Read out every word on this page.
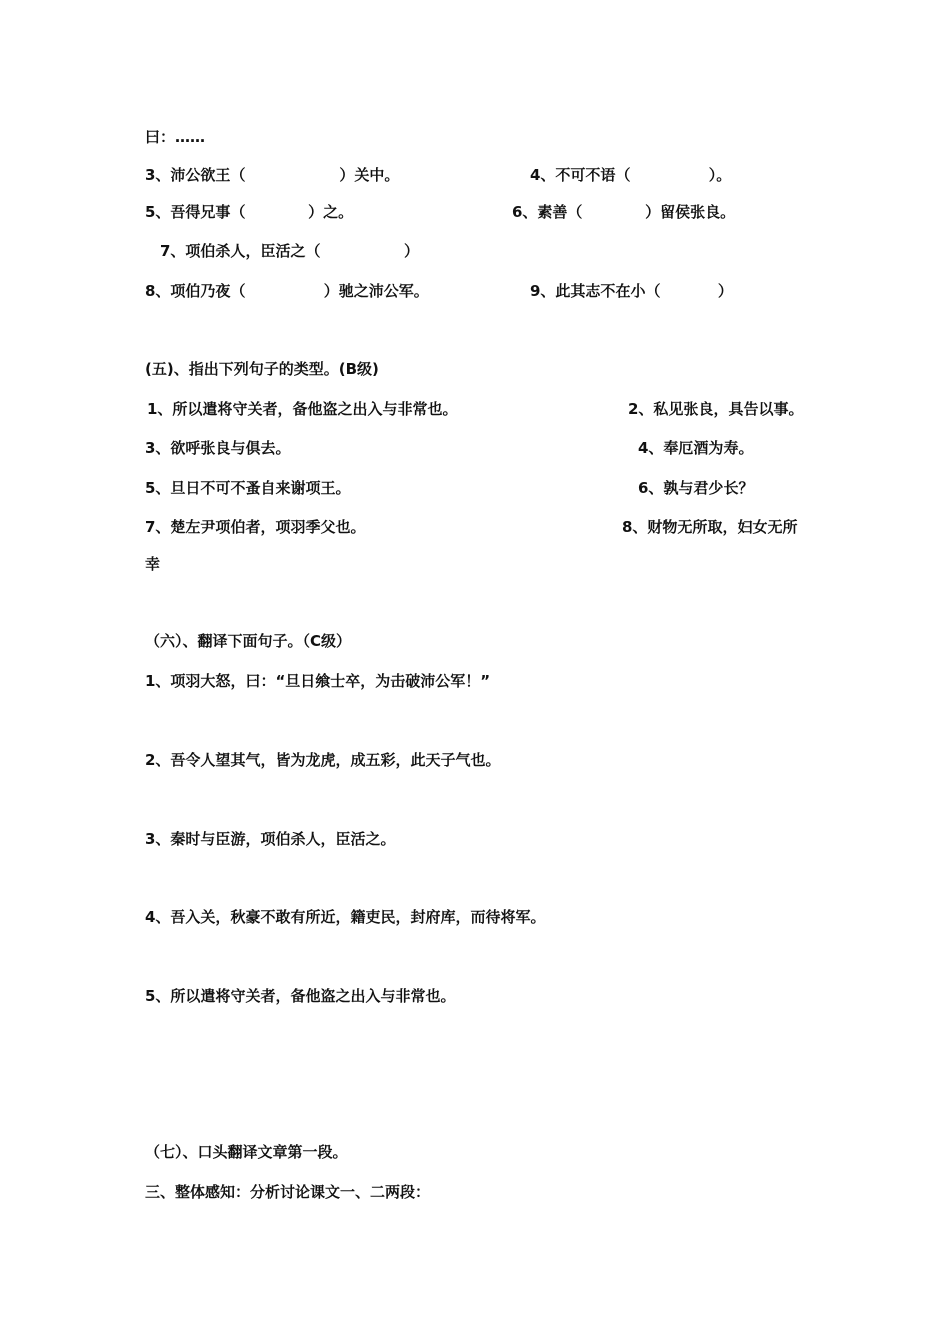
曰：……
3、沛公欲王（                  ）关中。	4、不可不语（               ）。
5、吾得兄事（            ）之。	6、素善（            ）留侯张良。
7、项伯杀人，臣活之（                ）
8、项伯乃夜（               ）驰之沛公军。	9、此其志不在小（           ）
(五)、指出下列句子的类型。(B级)
1、所以遣将守关者，备他盗之出入与非常也。	2、私见张良，具告以事。
3、欲呼张良与俱去。	4、奉厄酒为寿。
5、旦日不可不蚤自来谢项王。	6、孰与君少长？
7、楚左尹项伯者，项羽季父也。	8、财物无所取，妇女无所
幸
（六）、翻译下面句子。（C级）
1、项羽大怒，曰：“旦日飨士卒，为击破沛公军！”
2、吾令人望其气，皆为龙虎，成五彩，此天子气也。
3、秦时与臣游，项伯杀人，臣活之。
4、吾入关，秋豪不敢有所近，籍吏民，封府库，而待将军。
5、所以遣将守关者，备他盗之出入与非常也。
（七）、口头翻译文章第一段。
三、整体感知：分析讨论课文一、二两段：
